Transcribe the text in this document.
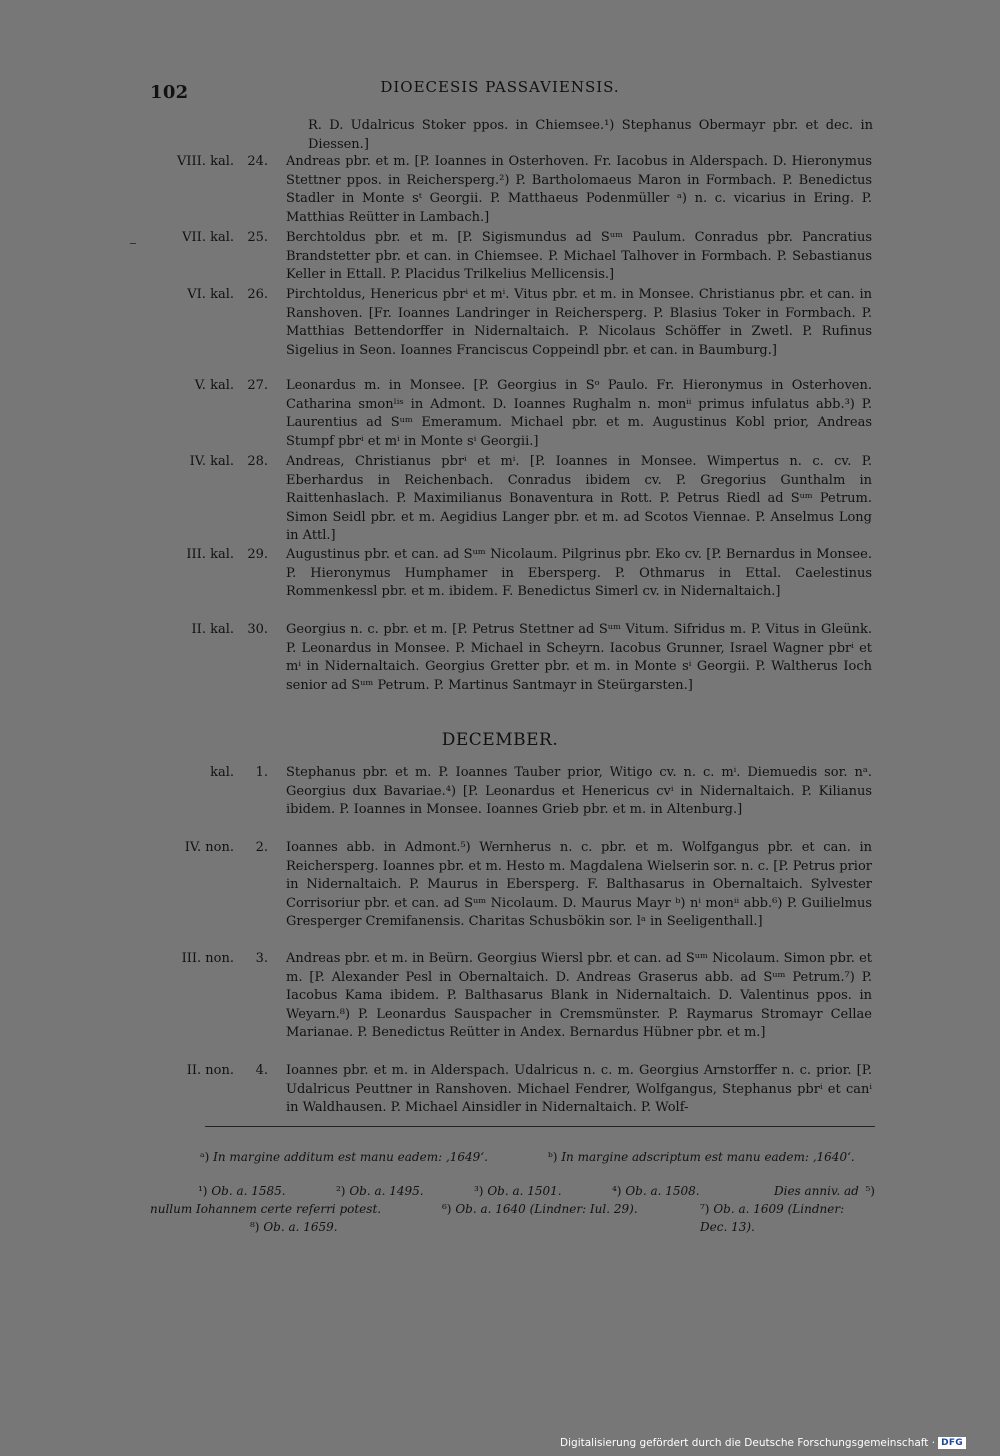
102	DIOECESIS PASSAVIENSIS.
R. D. Udalricus Stoker ppos. in Chiemsee.¹) Stephanus Obermayr pbr. et dec. in Diessen.]
VIII. kal.	24. Andreas pbr. et m. [P. Ioannes in Osterhoven. Fr. Iacobus in Alderspach. D. Hieronymus Stettner ppos. in Reichersperg.²) P. Bartholomaeus Maron in Formbach. P. Benedictus Stadler in Monte sᵗ Georgii. P. Matthaeus Podenmüller ᵃ) n. c. vicarius in Ering. P. Matthias Reütter in Lambach.]
VII. kal.	25. Berchtoldus pbr. et m. [P. Sigismundus ad Sᵘᵐ Paulum. Conradus pbr. Pancratius Brandstetter pbr. et can. in Chiemsee. P. Michael Talhover in Formbach. P. Sebastianus Keller in Ettall. P. Placidus Trilkelius Mellicensis.]
VI. kal.	26. Pirchtoldus, Henericus pbrⁱ et mⁱ. Vitus pbr. et m. in Monsee. Christianus pbr. et can. in Ranshoven. [Fr. Ioannes Landringer in Reichersperg. P. Blasius Toker in Formbach. P. Matthias Bettendorffer in Nidernaltaich. P. Nicolaus Schöffer in Zwetl. P. Rufinus Sigelius in Seon. Ioannes Franciscus Coppeindl pbr. et can. in Baumburg.]
V. kal.	27. Leonardus m. in Monsee. [P. Georgius in Sᵒ Paulo. Fr. Hieronymus in Osterhoven. Catharina smonˡⁱˢ in Admont. D. Ioannes Rughalm n. monⁱⁱ primus infulatus abb.³) P. Laurentius ad Sᵘᵐ Emeramum. Michael pbr. et m. Augustinus Kobl prior, Andreas Stumpf pbrⁱ et mⁱ in Monte sⁱ Georgii.]
IV. kal.	28. Andreas, Christianus pbrⁱ et mⁱ. [P. Ioannes in Monsee. Wimpertus n. c. cv. P. Eberhardus in Reichenbach. Conradus ibidem cv. P. Gregorius Gunthalm in Raittenhaslach. P. Maximilianus Bonaventura in Rott. P. Petrus Riedl ad Sᵘᵐ Petrum. Simon Seidl pbr. et m. Aegidius Langer pbr. et m. ad Scotos Viennae. P. Anselmus Long in Attl.]
III. kal.	29. Augustinus pbr. et can. ad Sᵘᵐ Nicolaum. Pilgrinus pbr. Eko cv. [P. Bernardus in Monsee. P. Hieronymus Humphamer in Ebersperg. P. Othmarus in Ettal. Caelestinus Rommenkessl pbr. et m. ibidem. F. Benedictus Simerl cv. in Nidernaltaich.]
II. kal.	30. Georgius n. c. pbr. et m. [P. Petrus Stettner ad Sᵘᵐ Vitum. Sifridus m. P. Vitus in Gleünk. P. Leonardus in Monsee. P. Michael in Scheyrn. Iacobus Grunner, Israel Wagner pbrⁱ et mⁱ in Nidernaltaich. Georgius Gretter pbr. et m. in Monte sⁱ Georgii. P. Waltherus Ioch senior ad Sᵘᵐ Petrum. P. Martinus Santmayr in Steürgarsten.]
DECEMBER.
kal.	1. Stephanus pbr. et m. P. Ioannes Tauber prior, Witigo cv. n. c. mⁱ. Diemuedis sor. nᵃ. Georgius dux Bavariae.⁴) [P. Leonardus et Henericus cvⁱ in Nidernaltaich. P. Kilianus ibidem. P. Ioannes in Monsee. Ioannes Grieb pbr. et m. in Altenburg.]
IV. non.	2. Ioannes abb. in Admont.⁵) Wernherus n. c. pbr. et m. Wolfgangus pbr. et can. in Reichersperg. Ioannes pbr. et m. Hesto m. Magdalena Wielserin sor. n. c. [P. Petrus prior in Nidernaltaich. P. Maurus in Ebersperg. F. Balthasarus in Obernaltaich. Sylvester Corrisoriur pbr. et can. ad Sᵘᵐ Nicolaum. D. Maurus Mayr ᵇ) nⁱ monⁱⁱ abb.⁶) P. Guilielmus Gresperger Cremifanensis. Charitas Schusbökin sor. lᵃ in Seeligenthall.]
III. non.	3. Andreas pbr. et m. in Beürn. Georgius Wiersl pbr. et can. ad Sᵘᵐ Nicolaum. Simon pbr. et m. [P. Alexander Pesl in Obernaltaich. D. Andreas Graserus abb. ad Sᵘᵐ Petrum.⁷) P. Iacobus Kama ibidem. P. Balthasarus Blank in Nidernaltaich. D. Valentinus ppos. in Weyarn.⁸) P. Leonardus Sauspacher in Cremsmünster. P. Raymarus Stromayr Cellae Marianae. P. Benedictus Reütter in Andex. Bernardus Hübner pbr. et m.]
II. non.	4. Ioannes pbr. et m. in Alderspach. Udalricus n. c. m. Georgius Arnstorffer n. c. prior. [P. Udalricus Peuttner in Ranshoven. Michael Fendrer, Wolfgangus, Stephanus pbrⁱ et canⁱ in Waldhausen. P. Michael Ainsidler in Nidernaltaich. P. Wolf-
ᵃ) In margine additum est manu eadem: ‚1649‘.	ᵇ) In margine adscriptum est manu eadem: ‚1640‘.
¹) Ob. a. 1585.	²) Ob. a. 1495.	³) Ob. a. 1501.	⁴) Ob. a. 1508.	⁵)
Dies anniv. ad nullum Iohannem certe referri potest.	⁶) Ob. a. 1640 (Lindner: Iul. 29).	⁷) Ob. a. 1609 (Lindner: Dec. 13).
⁸) Ob. a. 1659.
Digitalisierung gefördert durch die Deutsche Forschungsgemeinschaft · DFG
